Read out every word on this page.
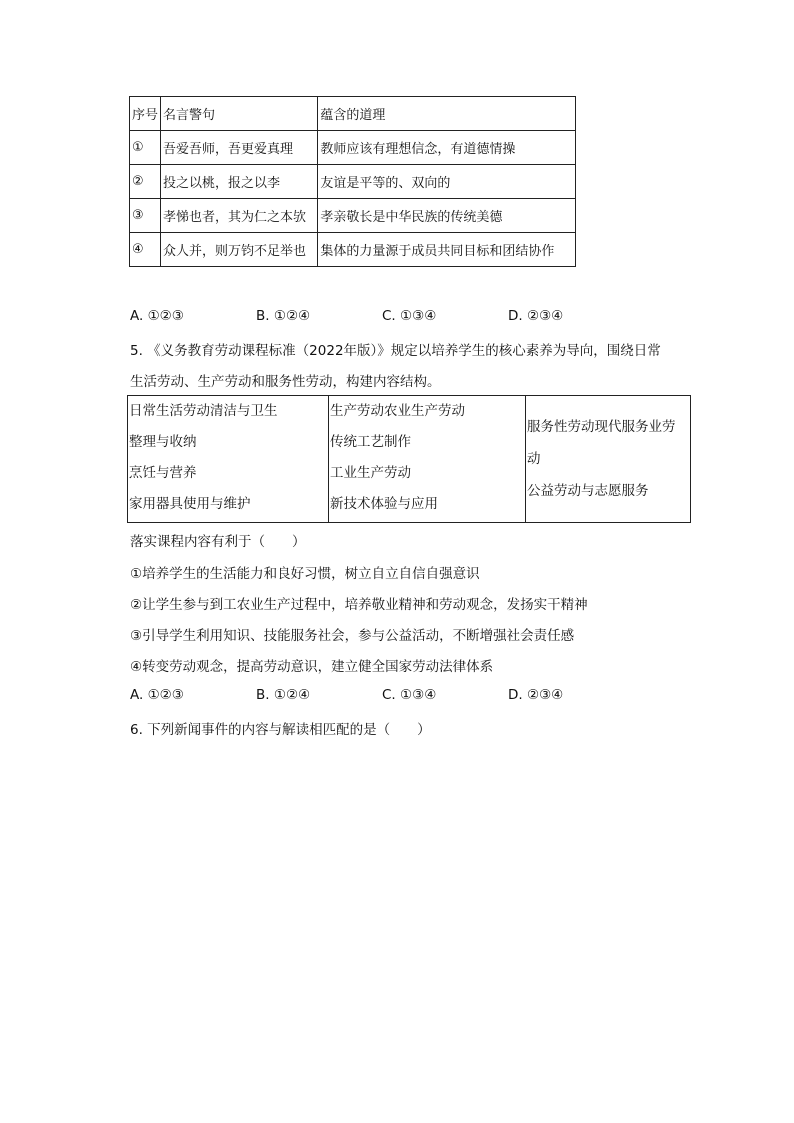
序号	名言警句	蕴含的道理
①	吾爱吾师，吾更爱真理	教师应该有理想信念，有道德情操
②	投之以桃，报之以李	友谊是平等的、双向的
③	孝悌也者，其为仁之本欤	孝亲敬长是中华民族的传统美德
④	众人并，则万钧不足举也	集体的力量源于成员共同目标和团结协作
A. ①②③	B. ①②④	C. ①③④	D. ②③④
5. 《义务教育劳动课程标准（2022年版）》规定以培养学生的核心素养为导向，围绕日常
生活劳动、生产劳动和服务性劳动，构建内容结构。
日常生活劳动清洁与卫生
整理与收纳
烹饪与营养
家用器具使用与维护

生产劳动农业生产劳动
传统工艺制作
工业生产劳动
新技术体验与应用

服务性劳动现代服务业劳
动
公益劳动与志愿服务
落实课程内容有利于（　　）
①培养学生的生活能力和良好习惯，树立自立自信自强意识
②让学生参与到工农业生产过程中，培养敬业精神和劳动观念，发扬实干精神
③引导学生利用知识、技能服务社会，参与公益活动，不断增强社会责任感
④转变劳动观念，提高劳动意识，建立健全国家劳动法律体系
A. ①②③	B. ①②④	C. ①③④	D. ②③④
6. 下列新闻事件的内容与解读相匹配的是（　　）
